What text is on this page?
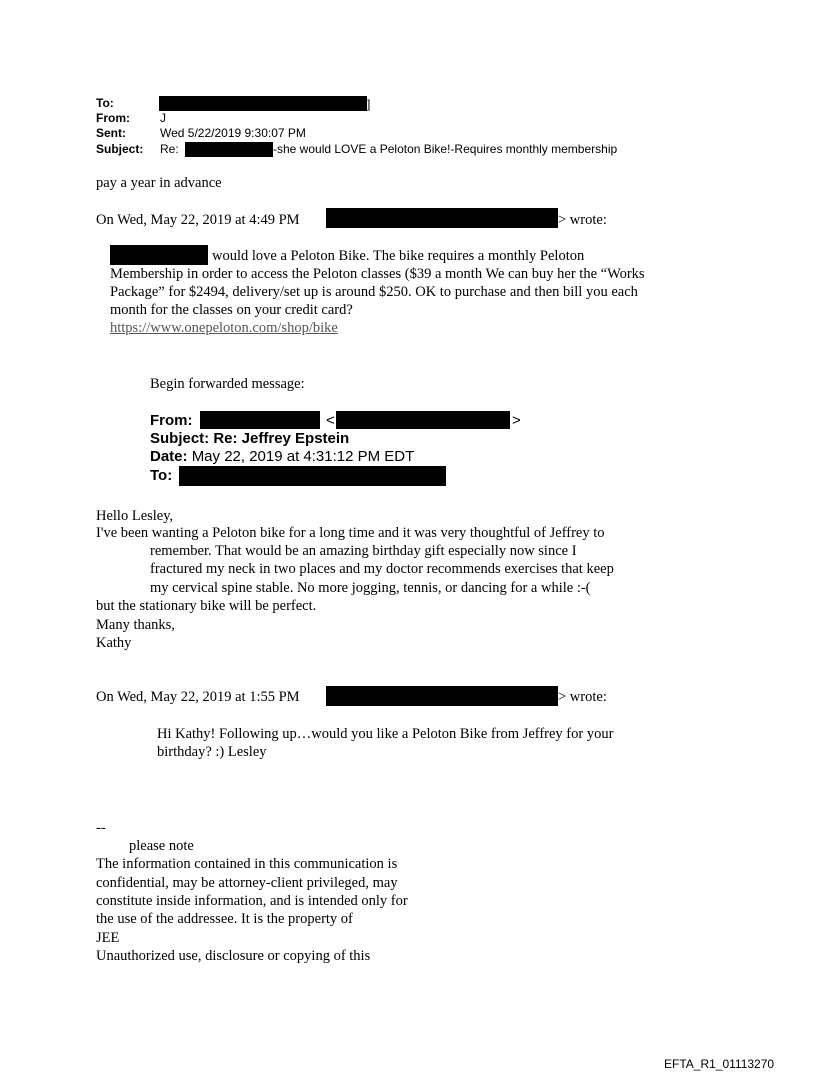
To:	]
From:	J
Sent:	Wed 5/22/2019 9:30:07 PM
Subject: Re:	-she would LOVE a Peloton Bike!-Requires monthly membership
pay a year in advance
On Wed, May 22, 2019 at 4:49 PM	> wrote:
would love a Peloton Bike. The bike requires a monthly Peloton
Membership in order to access the Peloton classes ($39 a month We can buy her the “Works
Package” for $2494, delivery/set up is around $250. OK to purchase and then bill you each
month for the classes on your credit card?
https://www.onepeloton.com/shop/bike
Begin forwarded message:
From:	<	>
Subject: Re: Jeffrey Epstein
Date: May 22, 2019 at 4:31:12 PM EDT
To:
Hello Lesley,
I've been wanting a Peloton bike for a long time and it was very thoughtful of Jeffrey to
remember. That would be an amazing birthday gift especially now since I
fractured my neck in two places and my doctor recommends exercises that keep
my cervical spine stable. No more jogging, tennis, or dancing for a while :-(
but the stationary bike will be perfect.
Many thanks,
Kathy
On Wed, May 22, 2019 at 1:55 PM	> wrote:
Hi Kathy! Following up…would you like a Peloton Bike from Jeffrey for your
birthday? :) Lesley
--
please note
The information contained in this communication is
confidential, may be attorney-client privileged, may
constitute inside information, and is intended only for
the use of the addressee. It is the property of
JEE
Unauthorized use, disclosure or copying of this
EFTA_R1_01113270
